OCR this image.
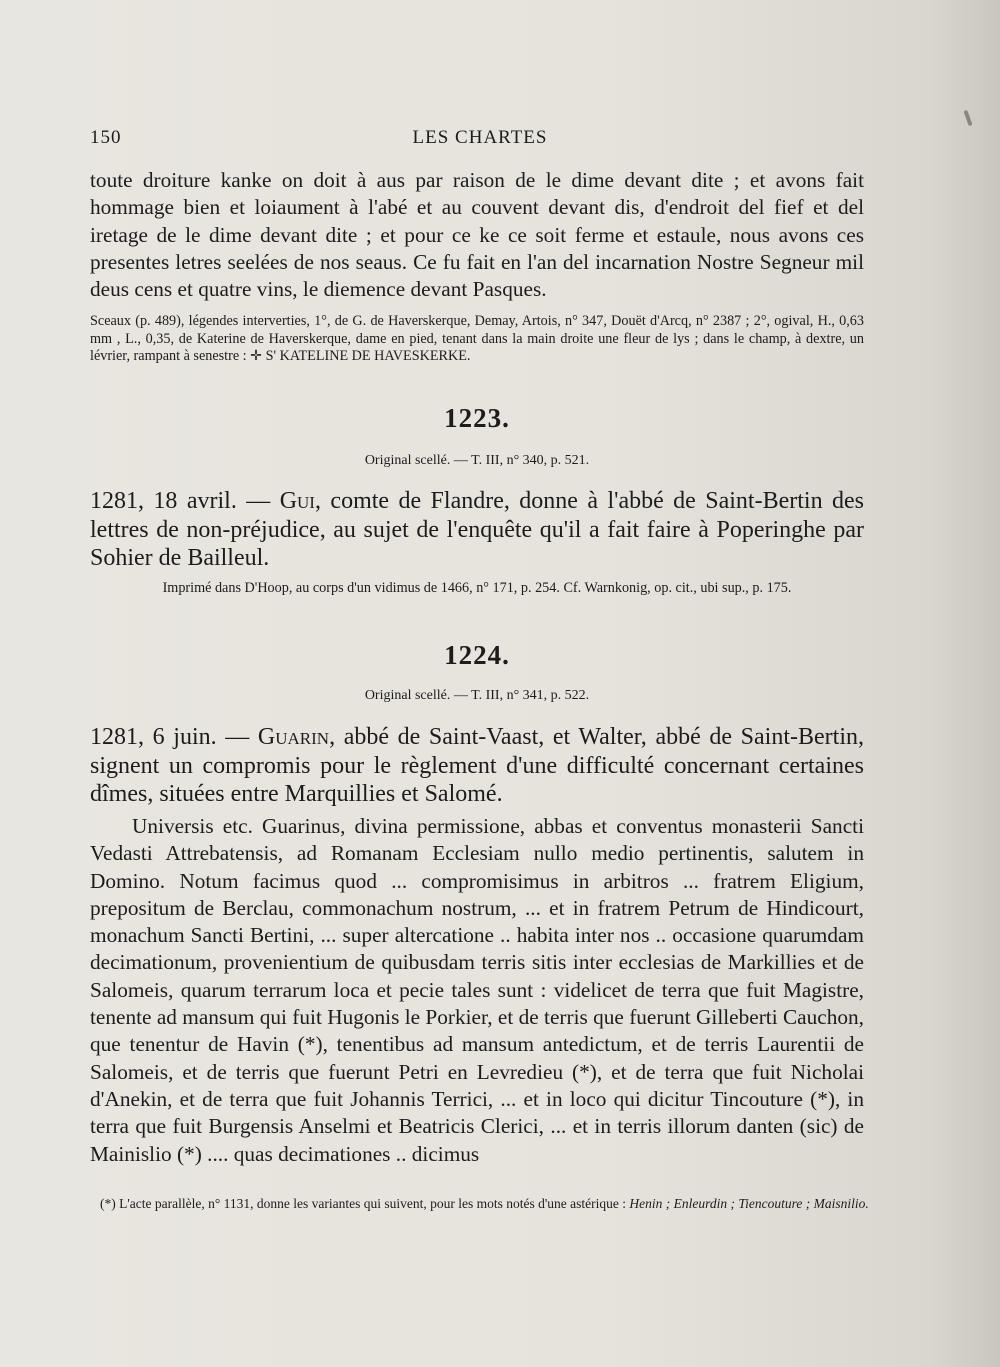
150	LES CHARTES

toute droiture kanke on doit à aus par raison de le dime devant dite ; et avons fait hommage bien et loiaument à l'abé et au couvent devant dis, d'endroit del fief et del iretage de le dime devant dite ; et pour ce ke ce soit ferme et estaule, nous avons ces presentes letres seelées de nos seaus. Ce fu fait en l'an del incarnation Nostre Segneur mil deus cens et quatre vins, le diemence devant Pasques.

Sceaux (p. 489), légendes interverties, 1°, de G. de Haverskerque, Demay, Artois, n° 347, Douët d'Arcq, n° 2387 ; 2°, ogival, H., 0,63 mm , L., 0,35, de Katerine de Haverskerque, dame en pied, tenant dans la main droite une fleur de lys ; dans le champ, à dextre, un lévrier, rampant à senestre : ✛ S' KATELINE DE HAVESKERKE.

1223.
Original scellé. — T. III, n° 340, p. 521.

1281, 18 avril. — Gui, comte de Flandre, donne à l'abbé de Saint-Bertin des lettres de non-préjudice, au sujet de l'enquête qu'il a fait faire à Poperinghe par Sohier de Bailleul.

Imprimé dans D'Hoop, au corps d'un vidimus de 1466, n° 171, p. 254. Cf. Warnkonig, op. cit., ubi sup., p. 175.

1224.
Original scellé. — T. III, n° 341, p. 522.

1281, 6 juin. — Guarin, abbé de Saint-Vaast, et Walter, abbé de Saint-Bertin, signent un compromis pour le règlement d'une difficulté concernant certaines dîmes, situées entre Marquillies et Salomé.

Universis etc. Guarinus, divina permissione, abbas et conventus monasterii Sancti Vedasti Attrebatensis, ad Romanam Ecclesiam nullo medio pertinentis, salutem in Domino. Notum facimus quod ... compromisimus in arbitros ... fratrem Eligium, prepositum de Berclau, commonachum nostrum, ... et in fratrem Petrum de Hindicourt, monachum Sancti Bertini, ... super altercatione .. habita inter nos .. occasione quarumdam decimationum, provenientium de quibusdam terris sitis inter ecclesias de Markillies et de Salomeis, quarum terrarum loca et pecie tales sunt : videlicet de terra que fuit Magistre, tenente ad mansum qui fuit Hugonis le Porkier, et de terris que fuerunt Gilleberti Cauchon, que tenentur de Havin (*), tenentibus ad mansum antedictum, et de terris Laurentii de Salomeis, et de terris que fuerunt Petri en Levredieu (*), et de terra que fuit Nicholai d'Anekin, et de terra que fuit Johannis Terrici, ... et in loco qui dicitur Tincouture (*), in terra que fuit Burgensis Anselmi et Beatricis Clerici, ... et in terris illorum danten (sic) de Mainislio (*) .... quas decimationes .. dicimus

(*) L'acte parallèle, n° 1131, donne les variantes qui suivent, pour les mots notés d'une astérique : Henin ; Enleurdin ; Tiencouture ; Maisnilio.
